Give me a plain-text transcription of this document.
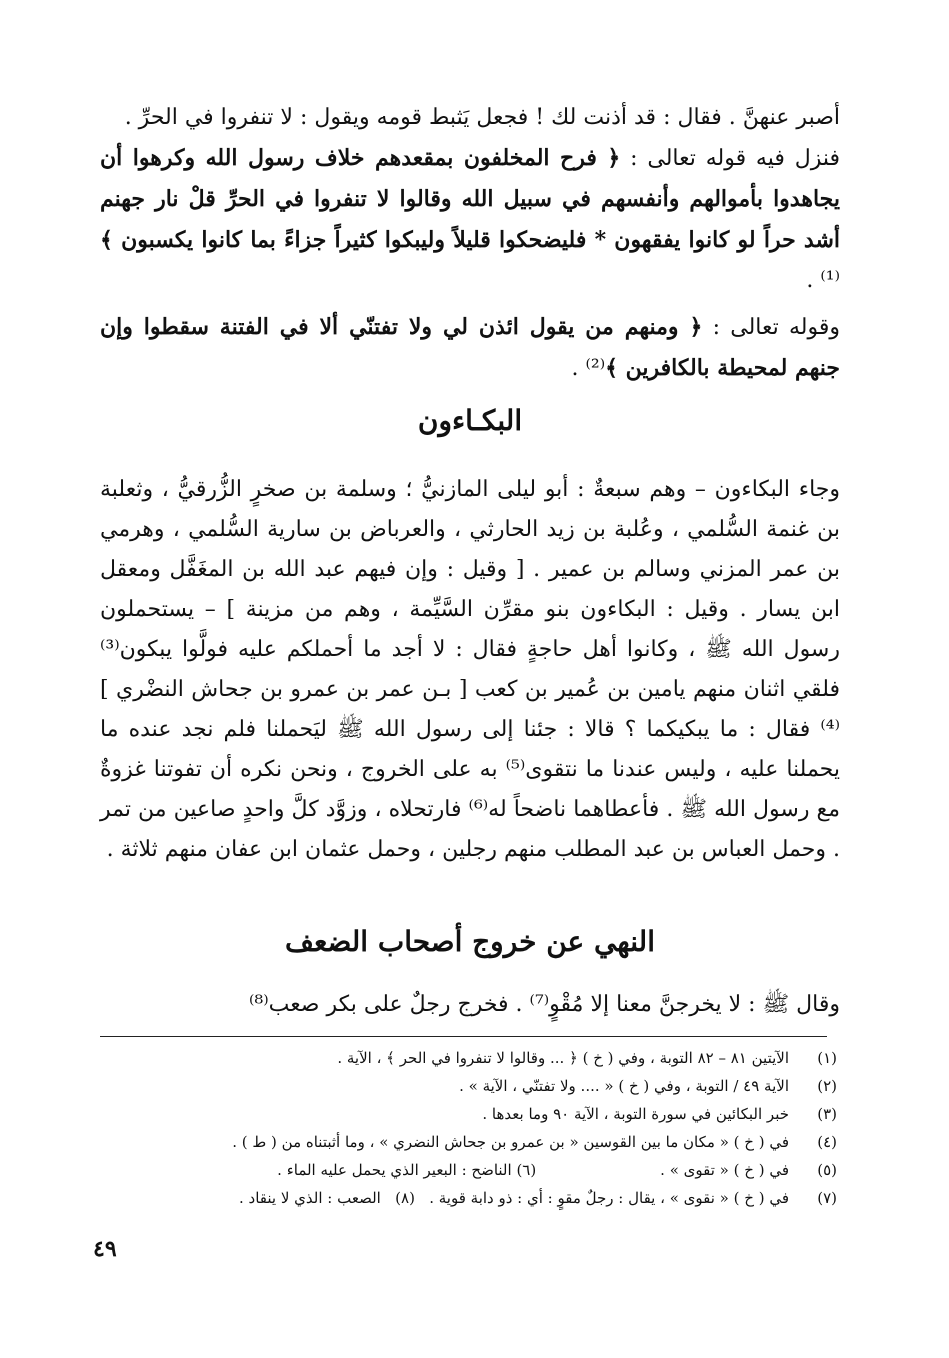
أصبر عنهنَّ . فقال : قد أذنت لك ! فجعل يَثبط قومه ويقول : لا تنفروا في الحرِّ .

فنزل فيه قوله تعالى : ﴿ فرح المخلفون بمقعدهم خلاف رسول الله وكرهوا أن يجاهدوا بأموالهم وأنفسهم في سبيل الله وقالوا لا تنفروا في الحرِّ قلْ نار جهنم أشد حراً لو كانوا يفقهون * فليضحكوا قليلاً وليبكوا كثيراً جزاءً بما كانوا يكسبون ﴾⁽¹⁾ .

وقوله تعالى : ﴿ ومنهم من يقول ائذن لي ولا تفتنّي ألا في الفتنة سقطوا وإن جنهم لمحيطة بالكافرين ﴾⁽²⁾ .

البكـاءون

وجاء البكاءون – وهم سبعةٌ : أبو ليلى المازنيُّ ؛ وسلمة بن صخرٍ الزُّرقيُّ ، وثعلبة بن غنمة السُّلمي ، وعُلبة بن زيد الحارثي ، والعرباض بن سارية السُّلمي ، وهرمي بن عمر المزني وسالم بن عمير . [ وقيل : وإن فيهم عبد الله بن المغَفَّل ومعقل ابن يسار . وقيل : البكاءون بنو مقرِّن السَّيِّمة ، وهم من مزينة ] – يستحملون رسول الله ﷺ ، وكانوا أهل حاجةٍ فقال : لا أجد ما أحملكم عليه فولَّوا يبكون⁽³⁾ فلقي اثنان منهم يامين بن عُمير بن كعب [ بـن عمر بن عمرو بن جحاش النضْري ]⁽⁴⁾ فقال : ما يبكيكما ؟ قالا : جئنا إلى رسول الله ﷺ ليَحملنا فلم نجد عنده ما يحملنا عليه ، وليس عندنا ما نتقوى⁽⁵⁾ به على الخروج ، ونحن نكره أن تفوتنا غزوةٌ مع رسول الله ﷺ . فأعطاهما ناضحاً له⁽⁶⁾ فارتحلاه ، وزوَّد كلَّ واحدٍ صاعين من تمر . وحمل العباس بن عبد المطلب منهم رجلين ، وحمل عثمان ابن عفان منهم ثلاثة .

النهي عن خروج أصحاب الضعف

وقال ﷺ : لا يخرجنَّ معنا إلا مُقْوٍ⁽⁷⁾ . فخرج رجلٌ على بكر صعب⁽⁸⁾

(١)
الآيتين ٨١ – ٨٢ التوبة ، وفي ( خ ) ﴿ ... وقالوا لا تنفروا في الحر ﴾ ، الآية .
(٢)
الآية ٤٩ / التوبة ، وفي ( خ ) « .... ولا تفتنّي ، الآية » .
(٣)
خبر البكائين في سورة التوبة ، الآية ٩٠ وما بعدها .
(٤)
في ( خ ) « مكان ما بين القوسين « بن عمرو بن جحاش النضري » ، وما أثبتناه من ( ط ) .
(٥)
في ( خ ) « تقوى » .                          (٦) الناضح : البعير الذي يحمل عليه الماء .
(٧)
في ( خ ) « نقوى » ، يقال : رجلٌ مقوٍ : أي : ذو دابة قوية .   (٨)   الصعب : الذي لا ينقاد .
٤٩
